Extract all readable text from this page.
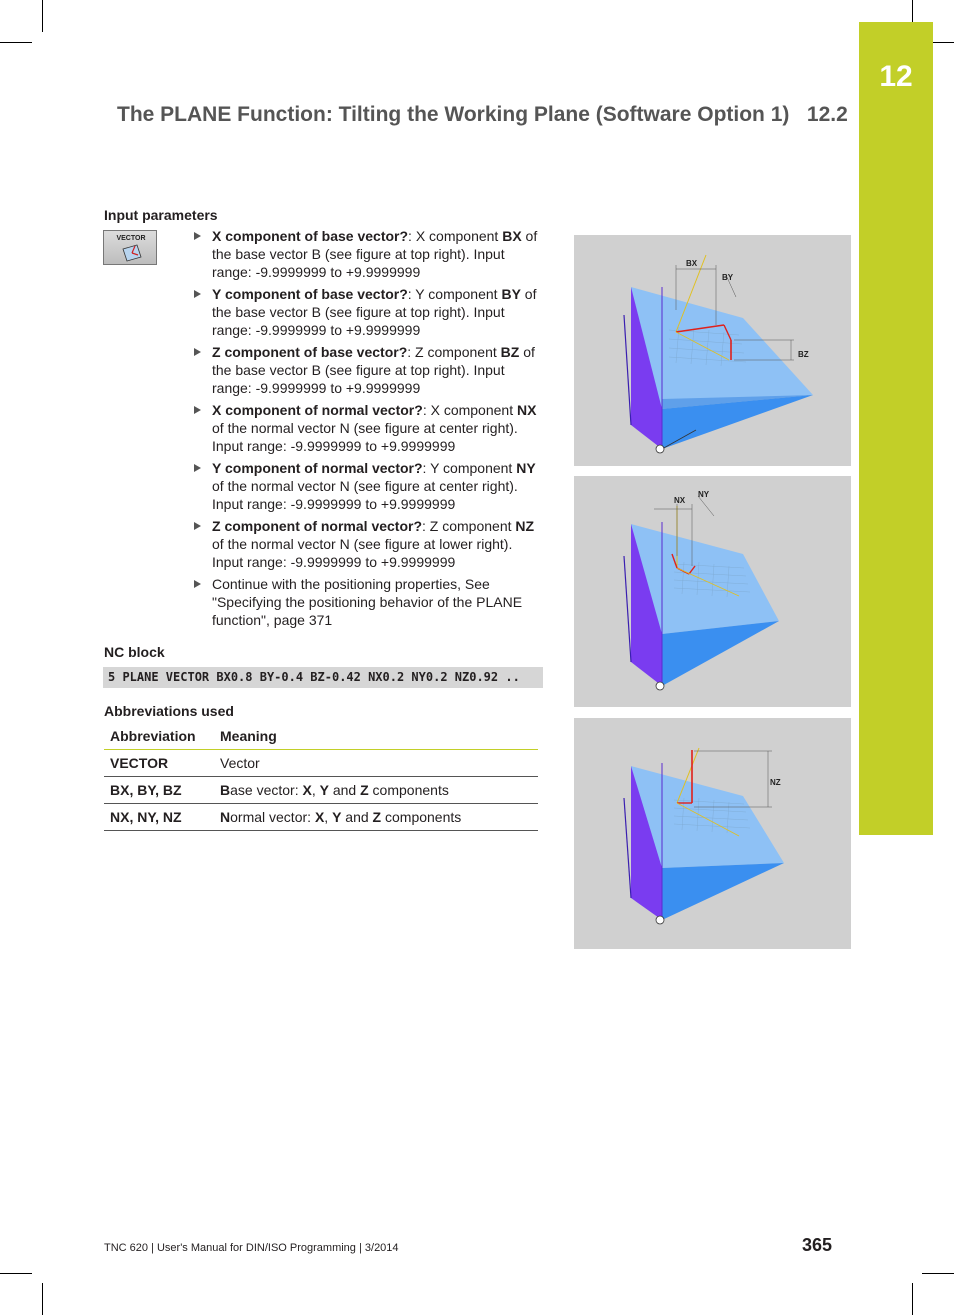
12
The PLANE Function: Tilting the Working Plane (Software Option 1) 12.2
Input parameters
VECTOR	X component of base vector?: X component BX of the base vector B (see figure at top right). Input range: -9.9999999 to +9.9999999
Y component of base vector?: Y component BY of the base vector B (see figure at top right). Input range: -9.9999999 to +9.9999999
Z component of base vector?: Z component BZ of the base vector B (see figure at top right). Input range: -9.9999999 to +9.9999999
X component of normal vector?: X component NX of the normal vector N (see figure at center right). Input range: -9.9999999 to +9.9999999
Y component of normal vector?: Y component NY of the normal vector N (see figure at center right). Input range: -9.9999999 to +9.9999999
Z component of normal vector?: Z component NZ of the normal vector N (see figure at lower right). Input range: -9.9999999 to +9.9999999
Continue with the positioning properties, See "Specifying the positioning behavior of the PLANE function", page 371
NC block
5 PLANE VECTOR BX0.8 BY-0.4 BZ-0.42 NX0.2 NY0.2 NZ0.92 ..
Abbreviations used
Abbreviation	Meaning
VECTOR	Vector
BX, BY, BZ	Base vector: X, Y and Z components
NX, NY, NZ	Normal vector: X, Y and Z components
BX
BY
BZ
NX
NY
NZ
TNC 620 | User's Manual for DIN/ISO Programming | 3/2014	365
